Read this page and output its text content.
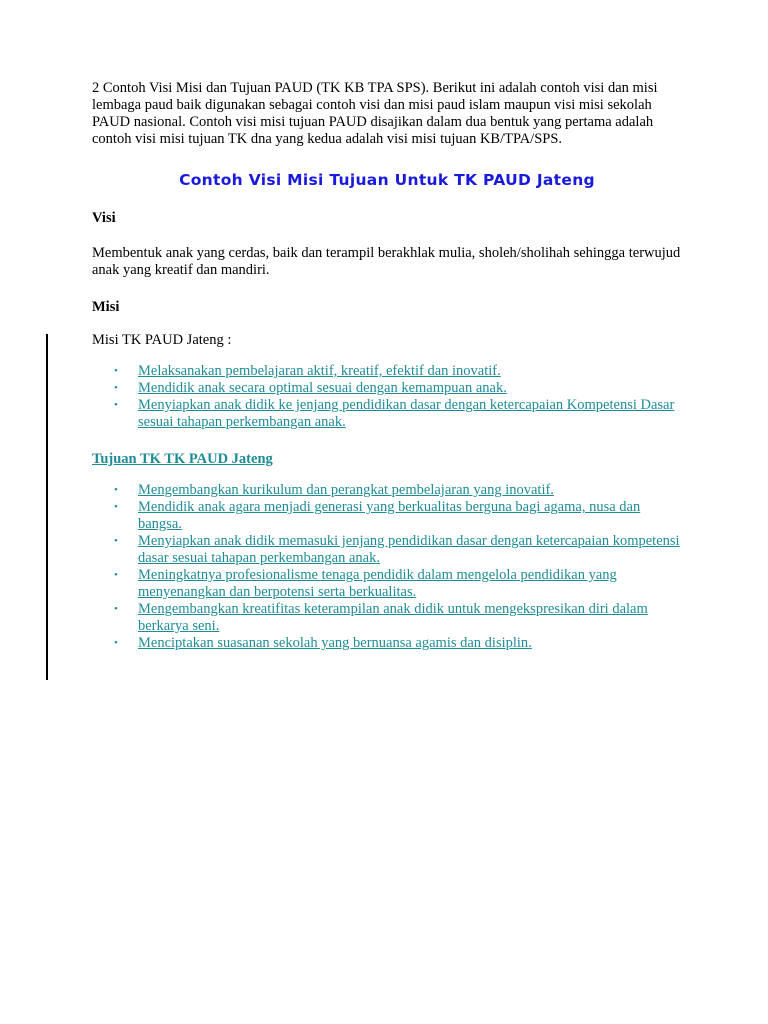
2 Contoh Visi Misi dan Tujuan PAUD (TK KB TPA SPS). Berikut ini adalah contoh visi dan misi lembaga paud baik digunakan sebagai contoh visi dan misi paud islam maupun visi misi sekolah PAUD nasional. Contoh visi misi tujuan PAUD disajikan dalam dua bentuk yang pertama adalah contoh visi misi tujuan TK dna yang kedua adalah visi misi tujuan KB/TPA/SPS.

Contoh Visi Misi Tujuan Untuk TK PAUD Jateng
Visi

Membentuk anak yang cerdas, baik dan terampil berakhlak mulia, sholeh/sholihah sehingga terwujud anak yang kreatif dan mandiri.

Misi

Misi TK PAUD Jateng :

• Melaksanakan pembelajaran aktif, kreatif, efektif dan inovatif.
• Mendidik anak secara optimal sesuai dengan kemampuan anak.
• Menyiapkan anak didik ke jenjang pendidikan dasar dengan ketercapaian Kompetensi Dasar sesuai tahapan perkembangan anak.
Tujuan TK TK PAUD Jateng
• Mengembangkan kurikulum dan perangkat pembelajaran yang inovatif.
• Mendidik anak agara menjadi generasi yang berkualitas berguna bagi agama, nusa dan bangsa.
• Menyiapkan anak didik memasuki jenjang pendidikan dasar dengan ketercapaian kompetensi dasar sesuai tahapan perkembangan anak.
• Meningkatnya profesionalisme tenaga pendidik dalam mengelola pendidikan yang menyenangkan dan berpotensi serta berkualitas.
• Mengembangkan kreatifitas keterampilan anak didik untuk mengekspresikan diri dalam berkarya seni.
• Menciptakan suasanan sekolah yang bernuansa agamis dan disiplin.
